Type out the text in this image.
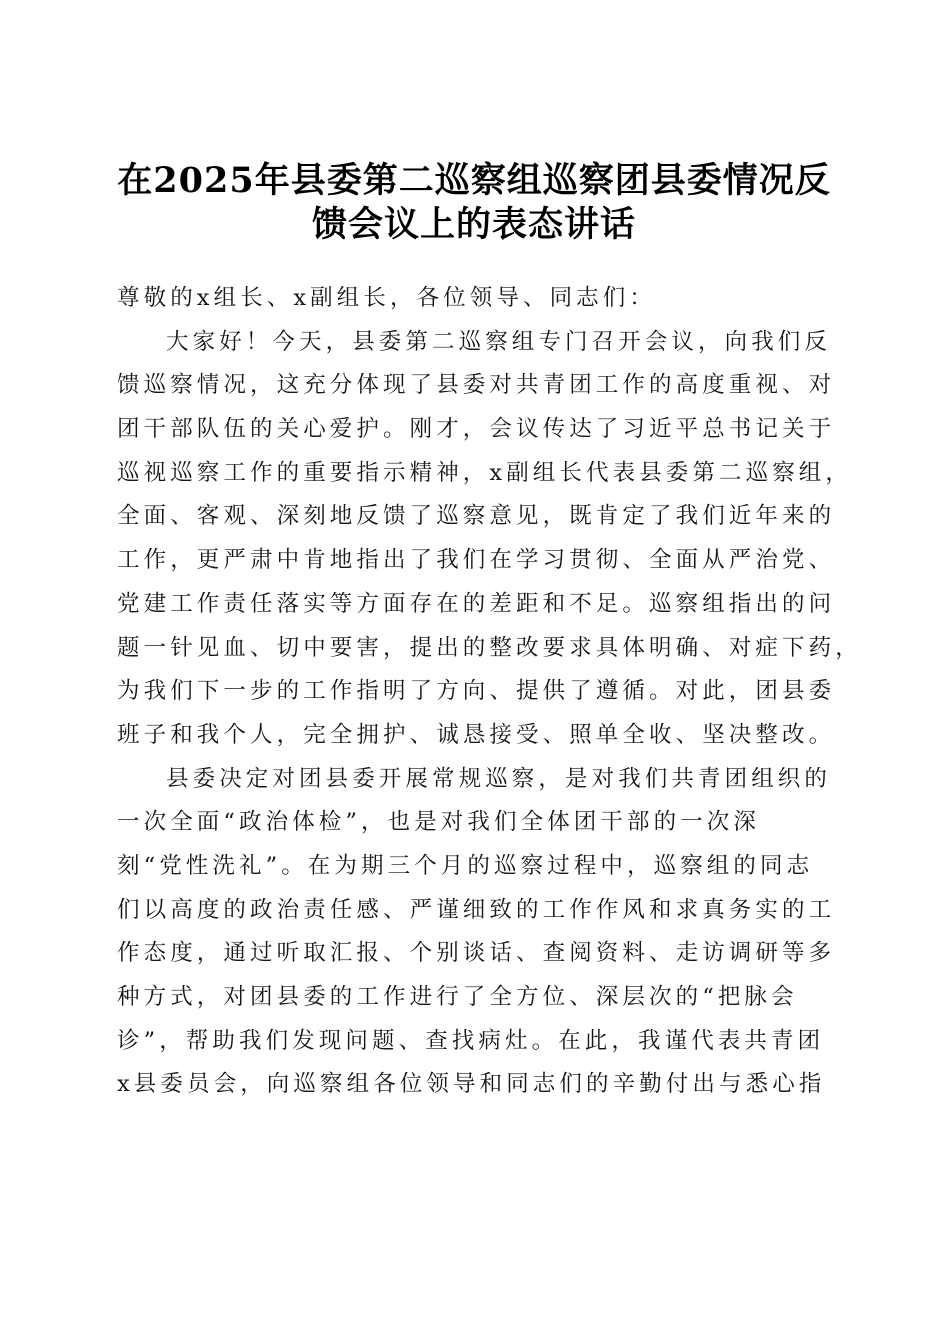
在2025年县委第二巡察组巡察团县委情况反
馈会议上的表态讲话
尊敬的x组长、x副组长，各位领导、同志们：
大家好！今天，县委第二巡察组专门召开会议，向我们反
馈巡察情况，这充分体现了县委对共青团工作的高度重视、对
团干部队伍的关心爱护。刚才，会议传达了习近平总书记关于
巡视巡察工作的重要指示精神，x副组长代表县委第二巡察组，
全面、客观、深刻地反馈了巡察意见，既肯定了我们近年来的
工作，更严肃中肯地指出了我们在学习贯彻、全面从严治党、
党建工作责任落实等方面存在的差距和不足。巡察组指出的问
题一针见血、切中要害，提出的整改要求具体明确、对症下药，
为我们下一步的工作指明了方向、提供了遵循。对此，团县委
班子和我个人，完全拥护、诚恳接受、照单全收、坚决整改。
县委决定对团县委开展常规巡察，是对我们共青团组织的
一次全面“政治体检”，也是对我们全体团干部的一次深
刻“党性洗礼”。在为期三个月的巡察过程中，巡察组的同志
们以高度的政治责任感、严谨细致的工作作风和求真务实的工
作态度，通过听取汇报、个别谈话、查阅资料、走访调研等多
种方式，对团县委的工作进行了全方位、深层次的“把脉会
诊”，帮助我们发现问题、查找病灶。在此，我谨代表共青团
x县委员会，向巡察组各位领导和同志们的辛勤付出与悉心指
